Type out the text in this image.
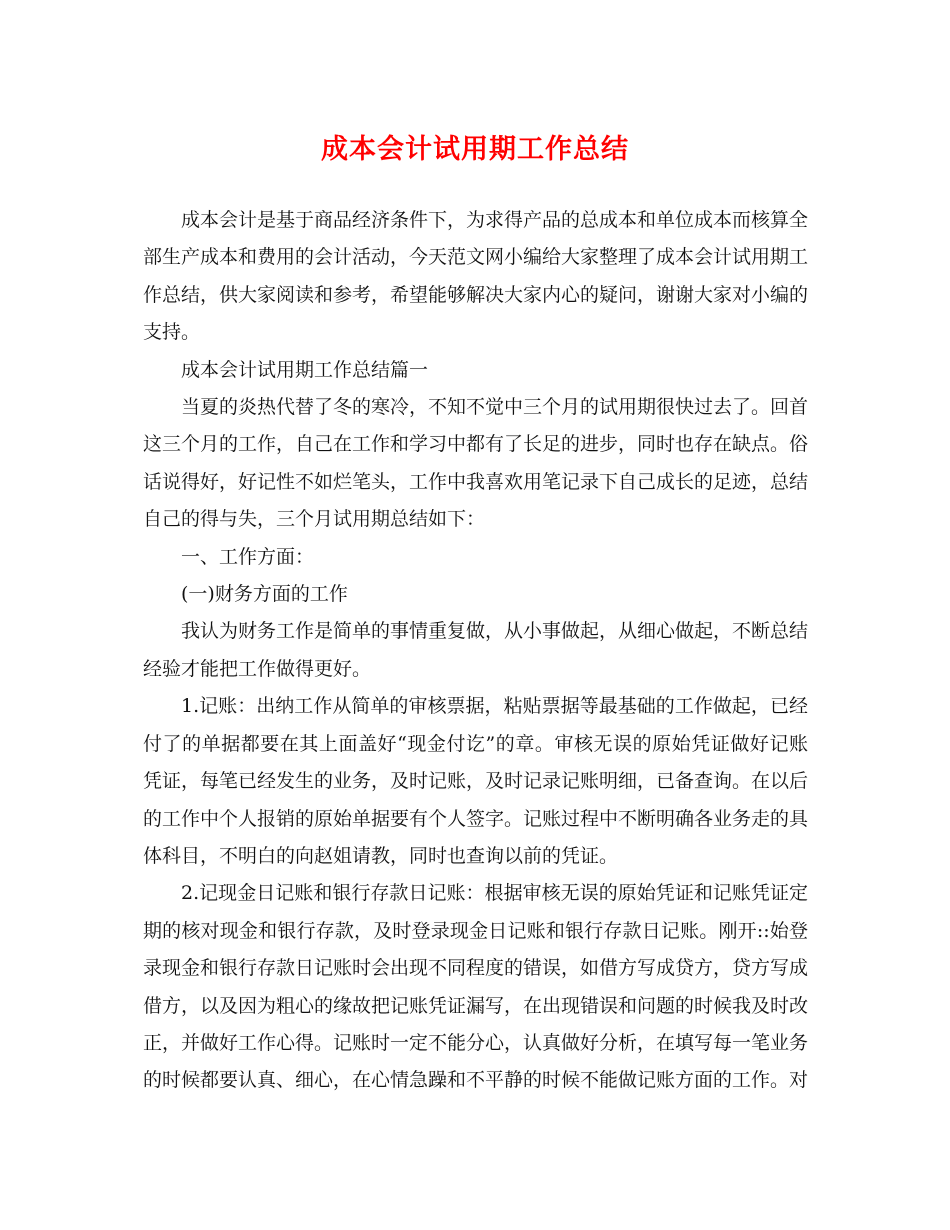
成本会计试用期工作总结

成本会计是基于商品经济条件下，为求得产品的总成本和单位成本而核算全部生产成本和费用的会计活动，今天范文网小编给大家整理了成本会计试用期工作总结，供大家阅读和参考，希望能够解决大家内心的疑问，谢谢大家对小编的支持。

成本会计试用期工作总结篇一

当夏的炎热代替了冬的寒冷，不知不觉中三个月的试用期很快过去了。回首这三个月的工作，自己在工作和学习中都有了长足的进步，同时也存在缺点。俗话说得好，好记性不如烂笔头，工作中我喜欢用笔记录下自己成长的足迹，总结自己的得与失，三个月试用期总结如下：

一、工作方面：

(一)财务方面的工作

我认为财务工作是简单的事情重复做，从小事做起，从细心做起，不断总结经验才能把工作做得更好。

1.记账：出纳工作从简单的审核票据，粘贴票据等最基础的工作做起，已经付了的单据都要在其上面盖好“现金付讫”的章。审核无误的原始凭证做好记账凭证，每笔已经发生的业务，及时记账，及时记录记账明细，已备查询。在以后的工作中个人报销的原始单据要有个人签字。记账过程中不断明确各业务走的具体科目，不明白的向赵姐请教，同时也查询以前的凭证。

2.记现金日记账和银行存款日记账：根据审核无误的原始凭证和记账凭证定期的核对现金和银行存款，及时登录现金日记账和银行存款日记账。刚开::始登录现金和银行存款日记账时会出现不同程度的错误，如借方写成贷方，贷方写成借方，以及因为粗心的缘故把记账凭证漏写，在出现错误和问题的时候我及时改正，并做好工作心得。记账时一定不能分心，认真做好分析，在填写每一笔业务的时候都要认真、细心，在心情急躁和不平静的时候不能做记账方面的工作。对
